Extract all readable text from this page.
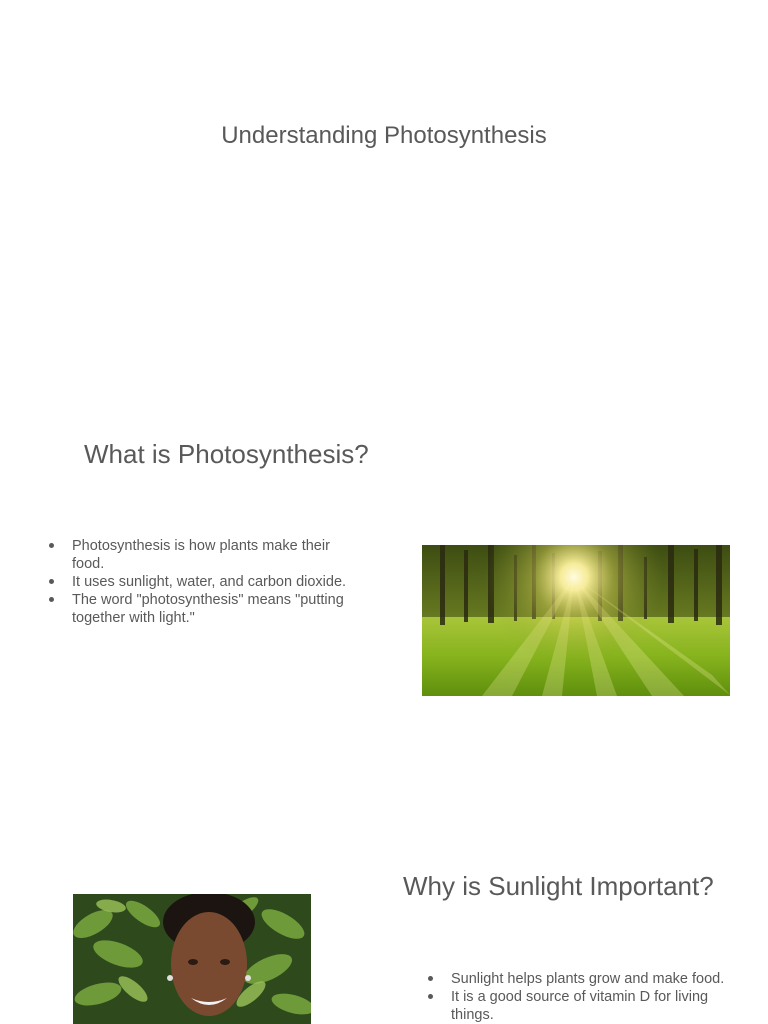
Understanding Photosynthesis
What is Photosynthesis?
Photosynthesis is how plants make their food.
It uses sunlight, water, and carbon dioxide.
The word "photosynthesis" means "putting together with light."
Why is Sunlight Important?
Sunlight helps plants grow and make food.
It is a good source of vitamin D for living things.
